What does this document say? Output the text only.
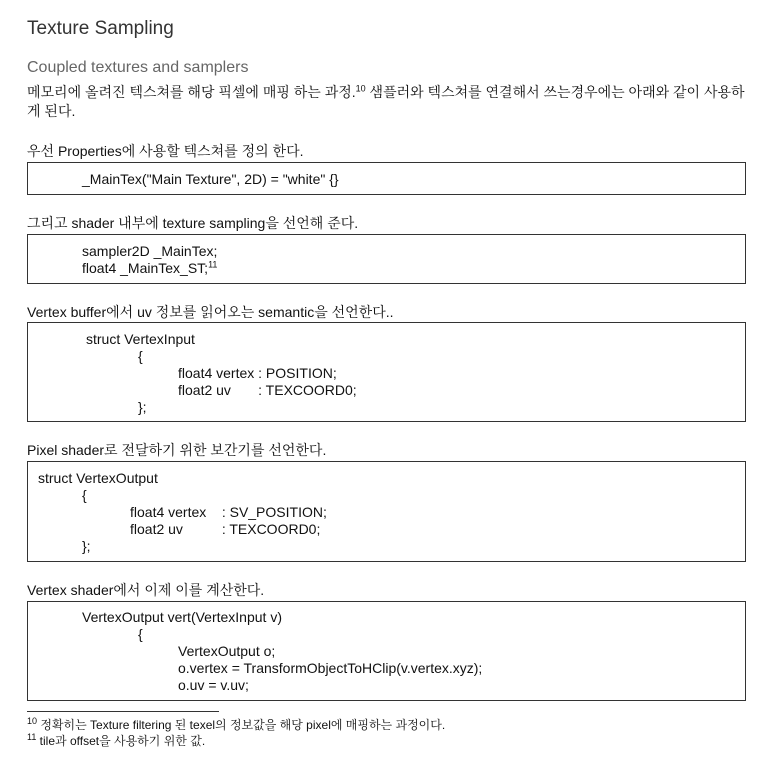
Texture Sampling
Coupled textures and samplers
메모리에 올려진 텍스쳐를 해당 픽셀에 매핑 하는 과정.$^{10}$ 샘플러와 텍스쳐를 연결해서 쓰는경우에는 아래와 같이 사용하게 된다.
우선 Properties에 사용할 텍스쳐를 정의 한다.
_MainTex("Main Texture", 2D) = "white" {}
그리고 shader 내부에 texture sampling을 선언해 준다.
sampler2D _MainTex;
float4 _MainTex_ST;$^{11}$
Vertex buffer에서 uv 정보를 읽어오는 semantic을 선언한다..
struct VertexInput
{
float4 vertex : POSITION;
float2 uv       : TEXCOORD0;
};
Pixel shader로 전달하기 위한 보간기를 선언한다.
struct VertexOutput
{
float4 vertex    : SV_POSITION;
float2 uv          : TEXCOORD0;
};
Vertex shader에서 이제 이를 계산한다.
VertexOutput vert(VertexInput v)
{
VertexOutput o;
o.vertex = TransformObjectToHClip(v.vertex.xyz);
o.uv = v.uv;
$^{10}$ 정확히는 Texture filtering 된 texel의 정보값을 해당 pixel에 매핑하는 과정이다.
$^{11}$ tile과 offset을 사용하기 위한 값.
